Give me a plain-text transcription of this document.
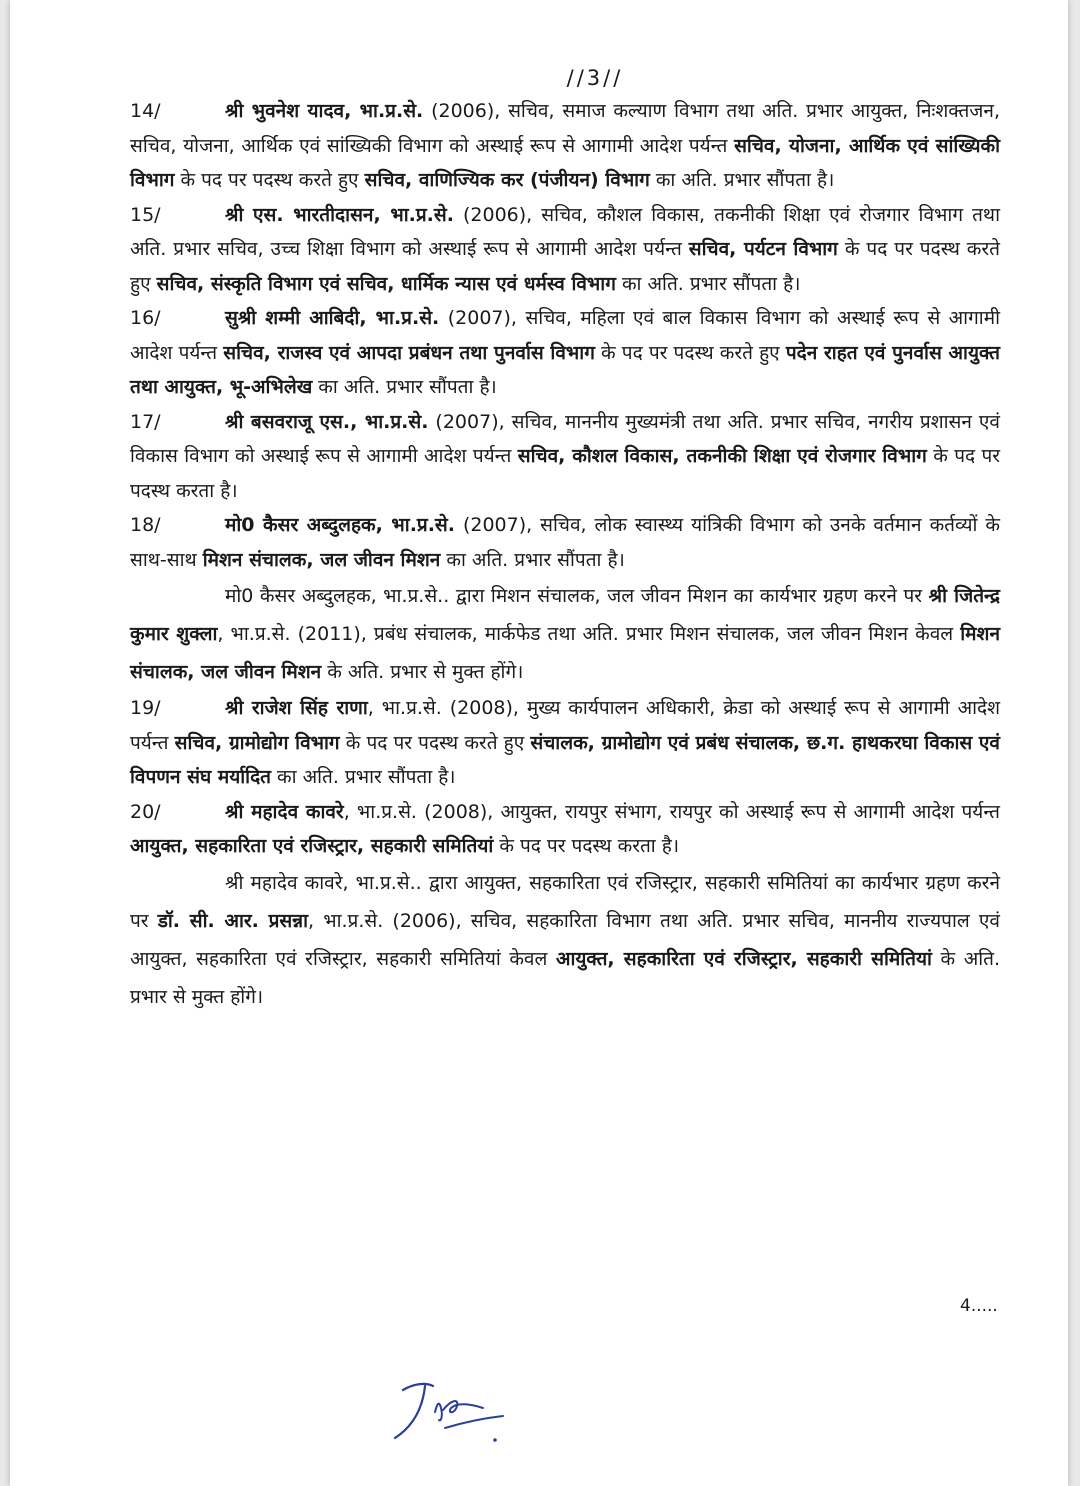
//3//

14/	श्री भुवनेश यादव, भा.प्र.से. (2006), सचिव, समाज कल्याण विभाग तथा अति. प्रभार आयुक्त, निःशक्तजन, सचिव, योजना, आर्थिक एवं सांख्यिकी विभाग को अस्थाई रूप से आगामी आदेश पर्यन्त सचिव, योजना, आर्थिक एवं सांख्यिकी विभाग के पद पर पदस्थ करते हुए सचिव, वाणिज्यिक कर (पंजीयन) विभाग का अति. प्रभार सौंपता है।

15/	श्री एस. भारतीदासन, भा.प्र.से. (2006), सचिव, कौशल विकास, तकनीकी शिक्षा एवं रोजगार विभाग तथा अति. प्रभार सचिव, उच्च शिक्षा विभाग को अस्थाई रूप से आगामी आदेश पर्यन्त सचिव, पर्यटन विभाग के पद पर पदस्थ करते हुए सचिव, संस्कृति विभाग एवं सचिव, धार्मिक न्यास एवं धर्मस्व विभाग का अति. प्रभार सौंपता है।

16/	सुश्री शम्मी आबिदी, भा.प्र.से. (2007), सचिव, महिला एवं बाल विकास विभाग को अस्थाई रूप से आगामी आदेश पर्यन्त सचिव, राजस्व एवं आपदा प्रबंधन तथा पुनर्वास विभाग के पद पर पदस्थ करते हुए पदेन राहत एवं पुनर्वास आयुक्त तथा आयुक्त, भू-अभिलेख का अति. प्रभार सौंपता है।

17/	श्री बसवराजू एस., भा.प्र.से. (2007), सचिव, माननीय मुख्यमंत्री तथा अति. प्रभार सचिव, नगरीय प्रशासन एवं विकास विभाग को अस्थाई रूप से आगामी आदेश पर्यन्त सचिव, कौशल विकास, तकनीकी शिक्षा एवं रोजगार विभाग के पद पर पदस्थ करता है।

18/	मो0 कैसर अब्दुलहक, भा.प्र.से. (2007), सचिव, लोक स्वास्थ्य यांत्रिकी विभाग को उनके वर्तमान कर्तव्यों के साथ-साथ मिशन संचालक, जल जीवन मिशन का अति. प्रभार सौंपता है।

मो0 कैसर अब्दुलहक, भा.प्र.से.. द्वारा मिशन संचालक, जल जीवन मिशन का कार्यभार ग्रहण करने पर श्री जितेन्द्र कुमार शुक्ला, भा.प्र.से. (2011), प्रबंध संचालक, मार्कफेड तथा अति. प्रभार मिशन संचालक, जल जीवन मिशन केवल मिशन संचालक, जल जीवन मिशन के अति. प्रभार से मुक्त होंगे।

19/	श्री राजेश सिंह राणा, भा.प्र.से. (2008), मुख्य कार्यपालन अधिकारी, क्रेडा को अस्थाई रूप से आगामी आदेश पर्यन्त सचिव, ग्रामोद्योग विभाग के पद पर पदस्थ करते हुए संचालक, ग्रामोद्योग एवं प्रबंध संचालक, छ.ग. हाथकरघा विकास एवं विपणन संघ मर्यादित का अति. प्रभार सौंपता है।

20/	श्री महादेव कावरे, भा.प्र.से. (2008), आयुक्त, रायपुर संभाग, रायपुर को अस्थाई रूप से आगामी आदेश पर्यन्त आयुक्त, सहकारिता एवं रजिस्ट्रार, सहकारी समितियां के पद पर पदस्थ करता है।

श्री महादेव कावरे, भा.प्र.से.. द्वारा आयुक्त, सहकारिता एवं रजिस्ट्रार, सहकारी समितियां का कार्यभार ग्रहण करने पर डॉ. सी. आर. प्रसन्ना, भा.प्र.से. (2006), सचिव, सहकारिता विभाग तथा अति. प्रभार सचिव, माननीय राज्यपाल एवं आयुक्त, सहकारिता एवं रजिस्ट्रार, सहकारी समितियां केवल आयुक्त, सहकारिता एवं रजिस्ट्रार, सहकारी समितियां के अति. प्रभार से मुक्त होंगे।

4.....
